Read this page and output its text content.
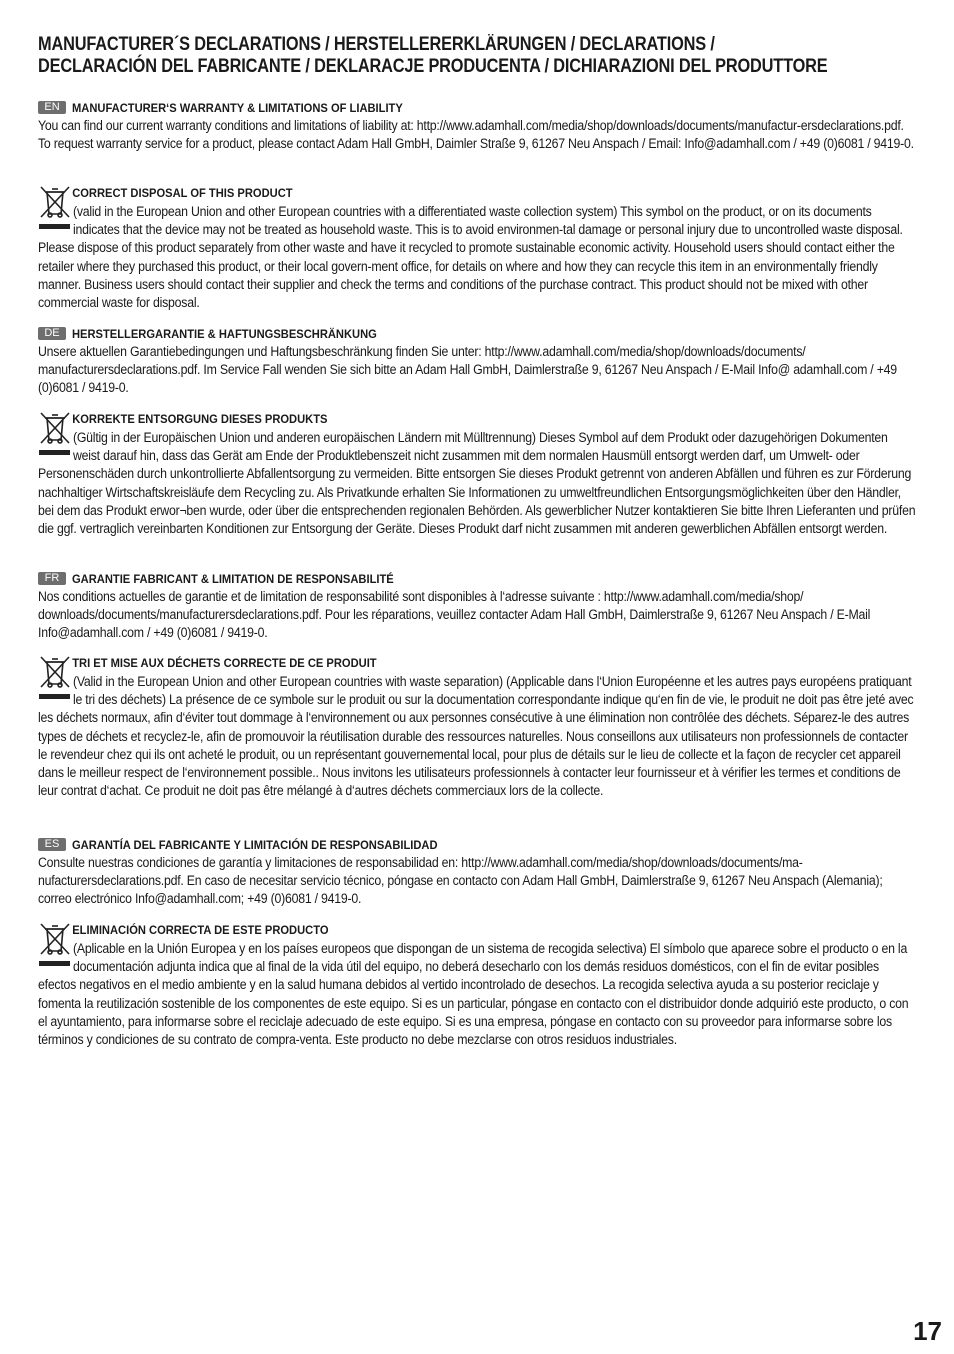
MANUFACTURER´S DECLARATIONS / HERSTELLERERKLÄRUNGEN / DECLARATIONS /
DECLARACIÓN DEL FABRICANTE / DEKLARACJE PRODUCENTA / DICHIARAZIONI DEL PRODUTTORE
EN MANUFACTURER‘S WARRANTY & LIMITATIONS OF LIABILITY

You can find our current warranty conditions and limitations of liability at: http://www.adamhall.com/media/shop/downloads/documents/manufactur-ersdeclarations.pdf. To request warranty service for a product, please contact Adam Hall GmbH, Daimler Straße 9, 61267 Neu Anspach / Email: Info@adamhall.com / +49 (0)6081 / 9419-0.

CORRECT DISPOSAL OF THIS PRODUCT

(valid in the European Union and other European countries with a differentiated waste collection system) This symbol on the product, or on its documents indicates that the device may not be treated as household waste. This is to avoid environmen-tal damage or personal injury due to uncontrolled waste disposal. Please dispose of this product separately from other waste and have it recycled to promote sustainable economic activity. Household users should contact either the retailer where they purchased this product, or their local govern-ment office, for details on where and how they can recycle this item in an environmentally friendly manner. Business users should contact their supplier and check the terms and conditions of the purchase contract. This product should not be mixed with other commercial waste for disposal.

DE HERSTELLERGARANTIE & HAFTUNGSBESCHRÄNKUNG

Unsere aktuellen Garantiebedingungen und Haftungsbeschränkung finden Sie unter: http://www.adamhall.com/media/shop/downloads/documents/ manufacturersdeclarations.pdf. Im Service Fall wenden Sie sich bitte an Adam Hall GmbH, Daimlerstraße 9, 61267 Neu Anspach / E-Mail Info@ adamhall.com / +49 (0)6081 / 9419-0.

KORREKTE ENTSORGUNG DIESES PRODUKTS

(Gültig in der Europäischen Union und anderen europäischen Ländern mit Mülltrennung) Dieses Symbol auf dem Produkt oder dazugehörigen Dokumenten weist darauf hin, dass das Gerät am Ende der Produktlebenszeit nicht zusammen mit dem normalen Hausmüll entsorgt werden darf, um Umwelt- oder Personenschäden durch unkontrollierte Abfallentsorgung zu vermeiden. Bitte entsorgen Sie dieses Produkt getrennt von anderen Abfällen und führen es zur Förderung nachhaltiger Wirtschaftskreisläufe dem Recycling zu. Als Privatkunde erhalten Sie Informationen zu umweltfreundlichen Entsorgungsmöglichkeiten über den Händler, bei dem das Produkt erwor¬ben wurde, oder über die entsprechenden regionalen Behörden. Als gewerblicher Nutzer kontaktieren Sie bitte Ihren Lieferanten und prüfen die ggf. vertraglich vereinbarten Konditionen zur Entsorgung der Geräte. Dieses Produkt darf nicht zusammen mit anderen gewerblichen Abfällen entsorgt werden.

FR	GARANTIE FABRICANT & LIMITATION DE RESPONSABILITÉ

Nos conditions actuelles de garantie et de limitation de responsabilité sont disponibles à l‘adresse suivante : http://www.adamhall.com/media/shop/ downloads/documents/manufacturersdeclarations.pdf. Pour les réparations, veuillez contacter Adam Hall GmbH, Daimlerstraße 9, 61267 Neu Anspach / E-Mail Info@adamhall.com / +49 (0)6081 / 9419-0.

TRI ET MISE AUX DÉCHETS CORRECTE DE CE PRODUIT

(Valid in the European Union and other European countries with waste separation) (Applicable dans l‘Union Européenne et les autres pays européens pratiquant le tri des déchets) La présence de ce symbole sur le produit ou sur la documentation correspondante indique qu‘en fin de vie, le produit ne doit pas être jeté avec les déchets normaux, afin d‘éviter tout dommage à l‘environnement ou aux personnes consécutive à une élimination non contrôlée des déchets. Séparez-le des autres types de déchets et recyclez-le, afin de promouvoir la réutilisation durable des ressources naturelles. Nous conseillons aux utilisateurs non professionnels de contacter le revendeur chez qui ils ont acheté le produit, ou un représentant gouvernemental local, pour plus de détails sur le lieu de collecte et la façon de recycler cet appareil dans le meilleur respect de l‘environnement possible.. Nous invitons les utilisateurs professionnels à contacter leur fournisseur et à vérifier les termes et conditions de leur contrat d‘achat. Ce produit ne doit pas être mélangé à d‘autres déchets commerciaux lors de la collecte.

ES	GARANTÍA DEL FABRICANTE Y LIMITACIÓN DE RESPONSABILIDAD

Consulte nuestras condiciones de garantía y limitaciones de responsabilidad en: http://www.adamhall.com/media/shop/downloads/documents/ma-nufacturersdeclarations.pdf. En caso de necesitar servicio técnico, póngase en contacto con Adam Hall GmbH, Daimlerstraße 9, 61267 Neu Anspach (Alemania); correo electrónico Info@adamhall.com; +49 (0)6081 / 9419-0.

ELIMINACIÓN CORRECTA DE ESTE PRODUCTO

(Aplicable en la Unión Europea y en los países europeos que dispongan de un sistema de recogida selectiva) El símbolo que aparece sobre el producto o en la documentación adjunta indica que al final de la vida útil del equipo, no deberá desecharlo con los demás residuos domésticos, con el fin de evitar posibles efectos negativos en el medio ambiente y en la salud humana debidos al vertido incontrolado de desechos. La recogida selectiva ayuda a su posterior reciclaje y fomenta la reutilización sostenible de los componentes de este equipo. Si es un particular, póngase en contacto con el distribuidor donde adquirió este producto, o con el ayuntamiento, para informarse sobre el reciclaje adecuado de este equipo. Si es una empresa, póngase en contacto con su proveedor para informarse sobre los términos y condiciones de su contrato de compra-venta. Este producto no debe mezclarse con otros residuos industriales.

17
